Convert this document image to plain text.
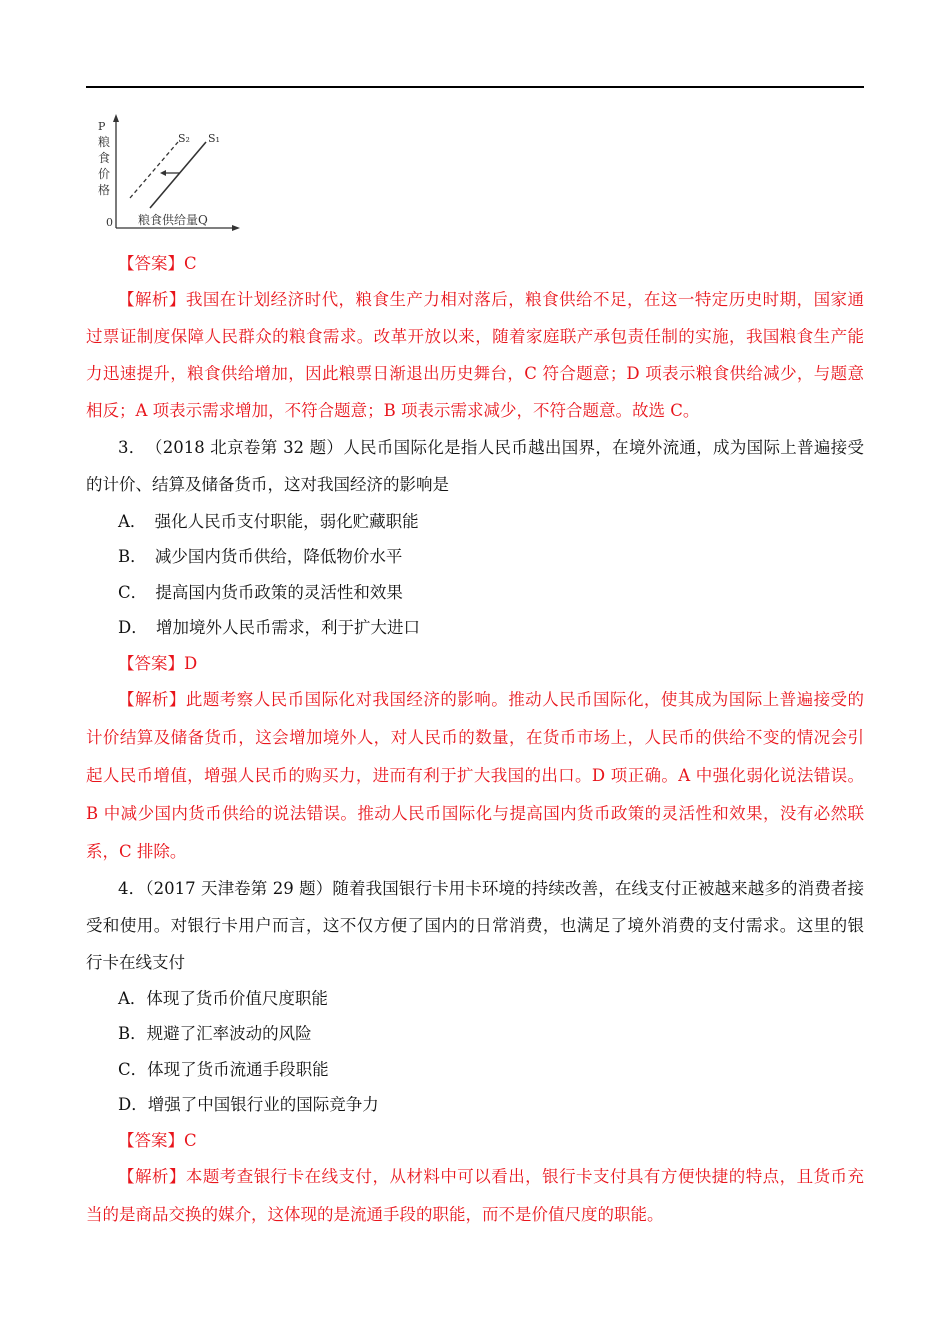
P
粮
食
价
格
0 粮食供给量Q
S₂ S₁
【答案】C
【解析】我国在计划经济时代，粮食生产力相对落后，粮食供给不足，在这一特定历史时期，国家通
过票证制度保障人民群众的粮食需求。改革开放以来，随着家庭联产承包责任制的实施，我国粮食生产能
力迅速提升，粮食供给增加，因此粮票日渐退出历史舞台，C 符合题意；D 项表示粮食供给减少，与题意
相反；A 项表示需求增加，不符合题意；B 项表示需求减少，不符合题意。故选 C。
3．　（2018 北京卷第 32 题）人民币国际化是指人民币越出国界，在境外流通，成为国际上普遍接受
的计价、结算及储备货币，这对我国经济的影响是
A．　强化人民币支付职能，弱化贮藏职能
B．　减少国内货币供给，降低物价水平
C．　提高国内货币政策的灵活性和效果
D．　增加境外人民币需求，利于扩大进口
【答案】D
【解析】此题考察人民币国际化对我国经济的影响。推动人民币国际化，使其成为国际上普遍接受的
计价结算及储备货币，这会增加境外人，对人民币的数量，在货币市场上，人民币的供给不变的情况会引
起人民币增值，增强人民币的购买力，进而有利于扩大我国的出口。D 项正确。A 中强化弱化说法错误。
B 中减少国内货币供给的说法错误。推动人民币国际化与提高国内货币政策的灵活性和效果，没有必然联
系，C 排除。
4．（2017 天津卷第 29 题）随着我国银行卡用卡环境的持续改善，在线支付正被越来越多的消费者接
受和使用。对银行卡用户而言，这不仅方便了国内的日常消费，也满足了境外消费的支付需求。这里的银
行卡在线支付
A．体现了货币价值尺度职能
B．规避了汇率波动的风险
C．体现了货币流通手段职能
D．增强了中国银行业的国际竞争力
【答案】C
【解析】本题考查银行卡在线支付，从材料中可以看出，银行卡支付具有方便快捷的特点，且货币充
当的是商品交换的媒介，这体现的是流通手段的职能，而不是价值尺度的职能。
